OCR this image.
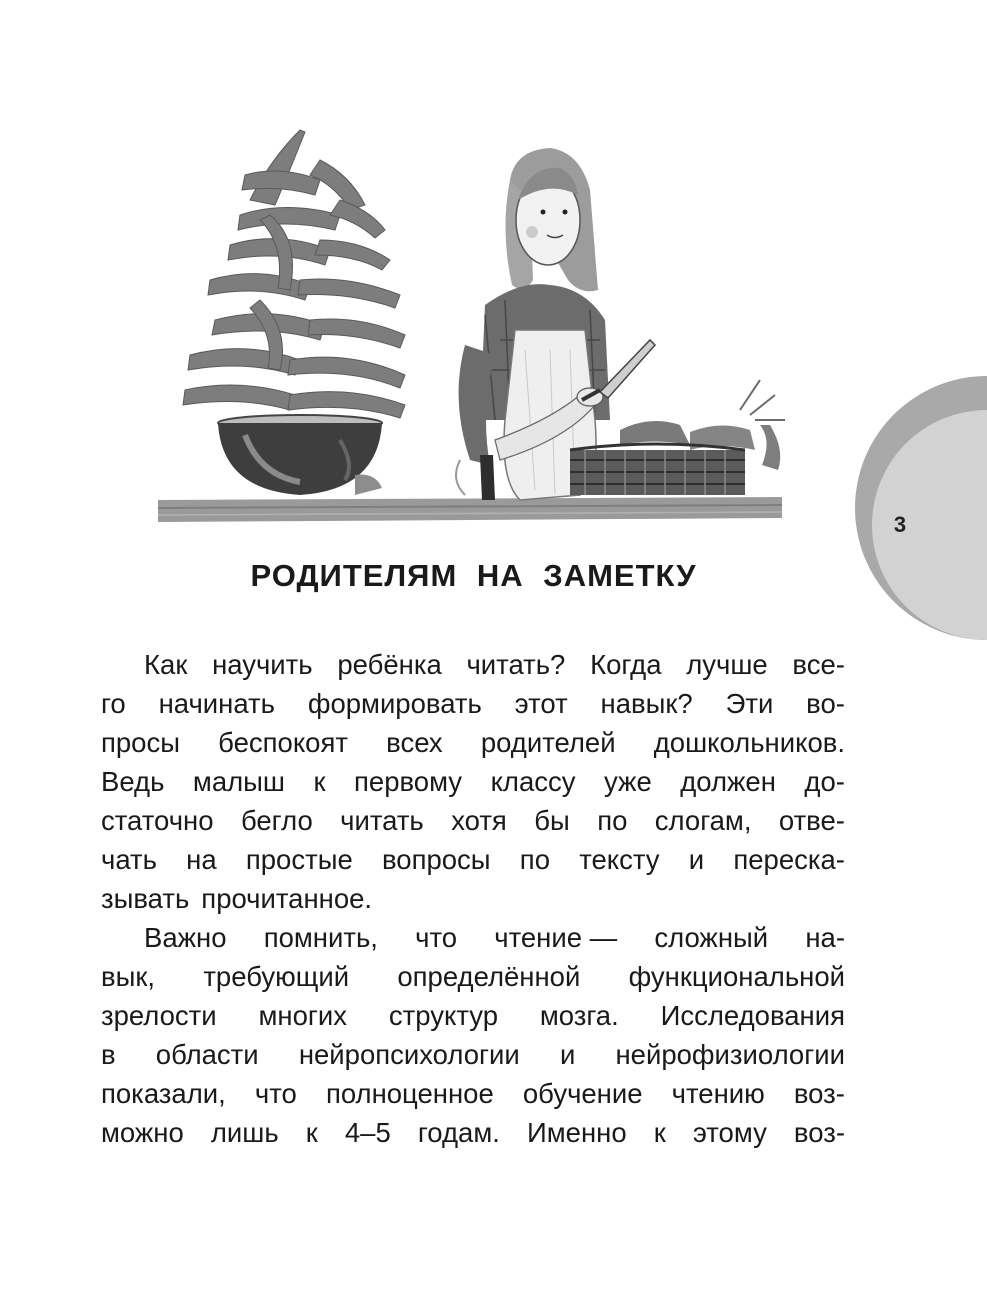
3
РОДИТЕЛЯМ НА ЗАМЕТКУ
Как научить ребёнка читать? Когда лучше все-
го начинать формировать этот навык? Эти во-
просы беспокоят всех родителей дошкольников.
Ведь малыш к первому классу уже должен до-
статочно бегло читать хотя бы по слогам, отве-
чать на простые вопросы по тексту и переска-
зывать прочитанное.
Важно помнить, что чтение — сложный на-
вык, требующий определённой функциональной
зрелости многих структур мозга. Исследования
в области нейропсихологии и нейрофизиологии
показали, что полноценное обучение чтению воз-
можно лишь к 4–5 годам. Именно к этому воз-
